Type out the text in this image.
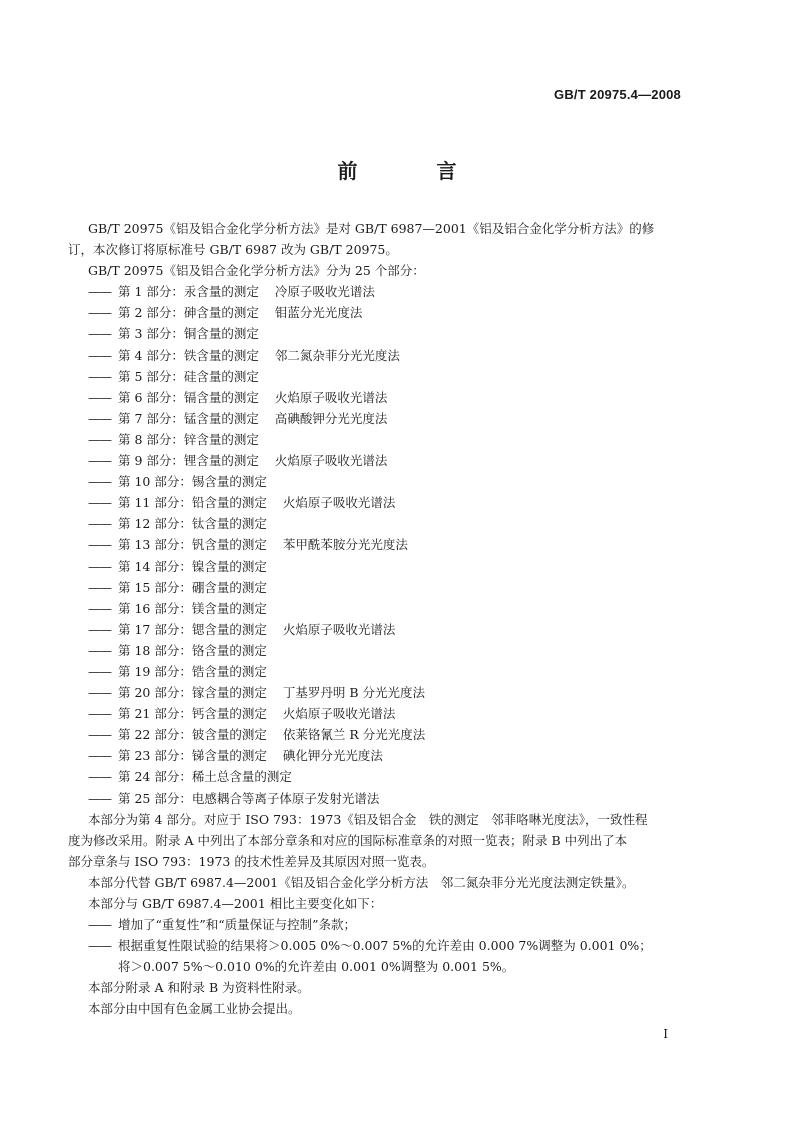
GB/T 20975.4—2008
前 言
GB/T 20975《铝及铝合金化学分析方法》是对 GB/T 6987—2001《铝及铝合金化学分析方法》的修
订，本次修订将原标准号 GB/T 6987 改为 GB/T 20975。
GB/T 20975《铝及铝合金化学分析方法》分为 25 个部分：
—— 第 1 部分：汞含量的测定 冷原子吸收光谱法
—— 第 2 部分：砷含量的测定 钼蓝分光光度法
—— 第 3 部分：铜含量的测定
—— 第 4 部分：铁含量的测定 邻二氮杂菲分光光度法
—— 第 5 部分：硅含量的测定
—— 第 6 部分：镉含量的测定 火焰原子吸收光谱法
—— 第 7 部分：锰含量的测定 高碘酸钾分光光度法
—— 第 8 部分：锌含量的测定
—— 第 9 部分：锂含量的测定 火焰原子吸收光谱法
—— 第 10 部分：锡含量的测定
—— 第 11 部分：铅含量的测定 火焰原子吸收光谱法
—— 第 12 部分：钛含量的测定
—— 第 13 部分：钒含量的测定 苯甲酰苯胺分光光度法
—— 第 14 部分：镍含量的测定
—— 第 15 部分：硼含量的测定
—— 第 16 部分：镁含量的测定
—— 第 17 部分：锶含量的测定 火焰原子吸收光谱法
—— 第 18 部分：铬含量的测定
—— 第 19 部分：锆含量的测定
—— 第 20 部分：镓含量的测定 丁基罗丹明 B 分光光度法
—— 第 21 部分：钙含量的测定 火焰原子吸收光谱法
—— 第 22 部分：铍含量的测定 依莱铬氰兰 R 分光光度法
—— 第 23 部分：锑含量的测定 碘化钾分光光度法
—— 第 24 部分：稀土总含量的测定
—— 第 25 部分：电感耦合等离子体原子发射光谱法
本部分为第 4 部分。对应于 ISO 793：1973《铝及铝合金　铁的测定　邻菲咯啉光度法》，一致性程
度为修改采用。附录 A 中列出了本部分章条和对应的国际标准章条的对照一览表；附录 B 中列出了本
部分章条与 ISO 793：1973 的技术性差异及其原因对照一览表。
本部分代替 GB/T 6987.4—2001《铝及铝合金化学分析方法　邻二氮杂菲分光光度法测定铁量》。
本部分与 GB/T 6987.4—2001 相比主要变化如下：
—— 增加了“重复性”和“质量保证与控制”条款；
—— 根据重复性限试验的结果将＞0.005 0%～0.007 5%的允许差由 0.000 7%调整为 0.001 0%；
将＞0.007 5%～0.010 0%的允许差由 0.001 0%调整为 0.001 5%。
本部分附录 A 和附录 B 为资料性附录。
本部分由中国有色金属工业协会提出。
I
